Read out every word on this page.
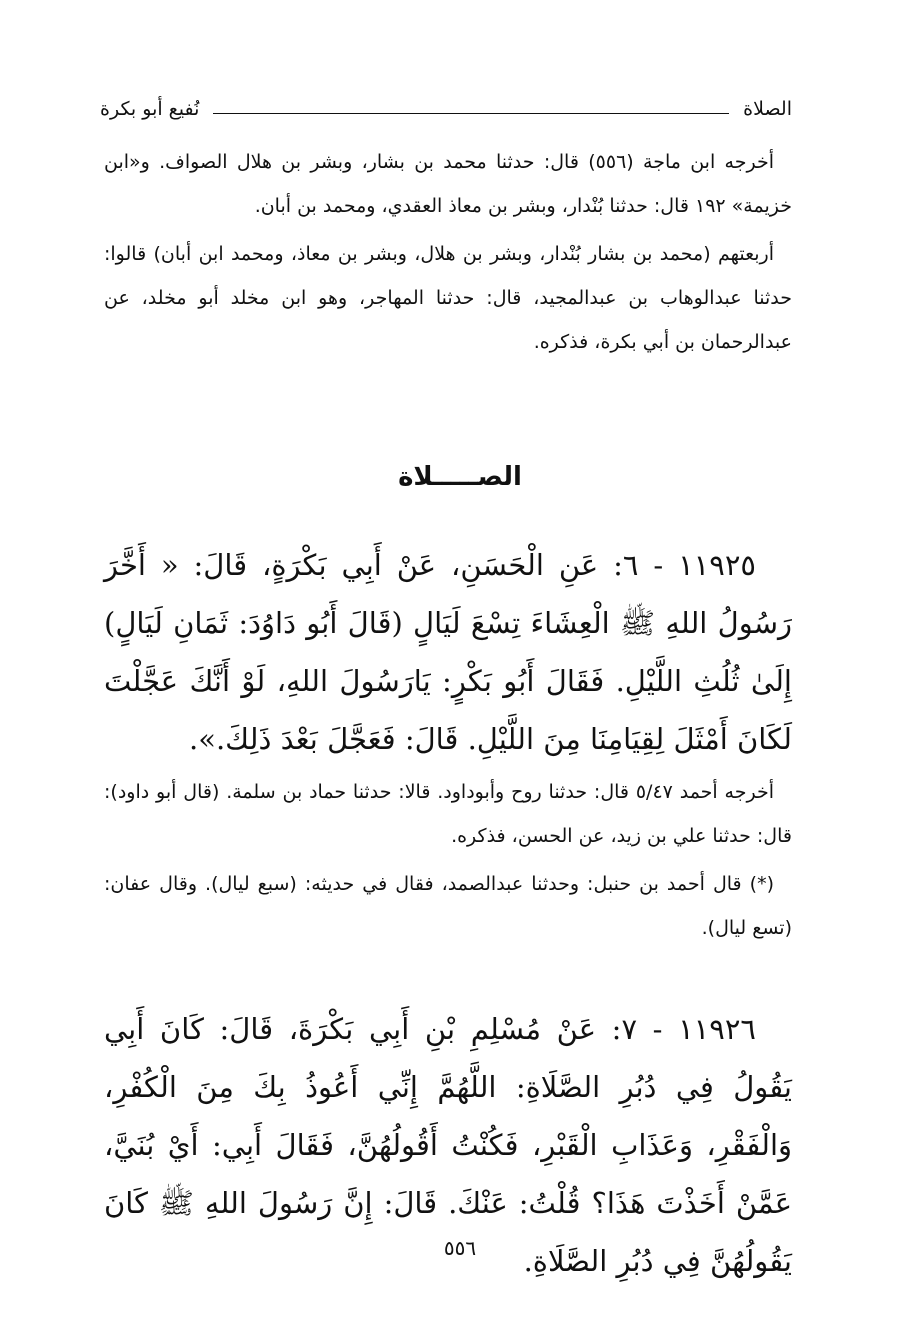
الصلاة
نُفيع أبو بكرة

أخرجه ابن ماجة (٥٥٦) قال: حدثنا محمد بن بشار، وبشر بن هلال الصواف. و«ابن خزيمة» ١٩٢ قال: حدثنا بُنْدار، وبشر بن معاذ العقدي، ومحمد بن أبان.

أربعتهم (محمد بن بشار بُنْدار، وبشر بن هلال، وبشر بن معاذ، ومحمد ابن أبان) قالوا: حدثنا عبدالوهاب بن عبدالمجيد، قال: حدثنا المهاجر، وهو ابن مخلد أبو مخلد، عن عبدالرحمان بن أبي بكرة، فذكره.

الصـــــلاة

١١٩٢٥ - ٦: عَنِ الْحَسَنِ، عَنْ أَبِي بَكْرَةٍ، قَالَ: « أَخَّرَ رَسُولُ اللهِ ﷺ الْعِشَاءَ تِسْعَ لَيَالٍ (قَالَ أَبُو دَاوُدَ: ثَمَانِ لَيَالٍ) إِلَىٰ ثُلُثِ اللَّيْلِ. فَقَالَ أَبُو بَكْرٍ: يَارَسُولَ اللهِ، لَوْ أَنَّكَ عَجَّلْتَ لَكَانَ أَمْثَلَ لِقِيَامِنَا مِنَ اللَّيْلِ. قَالَ: فَعَجَّلَ بَعْدَ ذَلِكَ.».

أخرجه أحمد ٥/٤٧ قال: حدثنا روح وأبوداود. قالا: حدثنا حماد بن سلمة. (قال أبو داود): قال: حدثنا علي بن زيد، عن الحسن، فذكره.

(*) قال أحمد بن حنبل: وحدثنا عبدالصمد، فقال في حديثه: (سبع ليال). وقال عفان: (تسع ليال).

١١٩٢٦ - ٧: عَنْ مُسْلِمِ بْنِ أَبِي بَكْرَةَ، قَالَ: كَانَ أَبِي يَقُولُ فِي دُبُرِ الصَّلَاةِ: اللَّهُمَّ إِنِّي أَعُوذُ بِكَ مِنَ الْكُفْرِ، وَالْفَقْرِ، وَعَذَابِ الْقَبْرِ، فَكُنْتُ أَقُولُهُنَّ، فَقَالَ أَبِي: أَيْ بُنَيَّ، عَمَّنْ أَخَذْتَ هَذَا؟ قُلْتُ: عَنْكَ. قَالَ: إِنَّ رَسُولَ اللهِ ﷺ كَانَ يَقُولُهُنَّ فِي دُبُرِ الصَّلَاةِ.

٥٥٦
